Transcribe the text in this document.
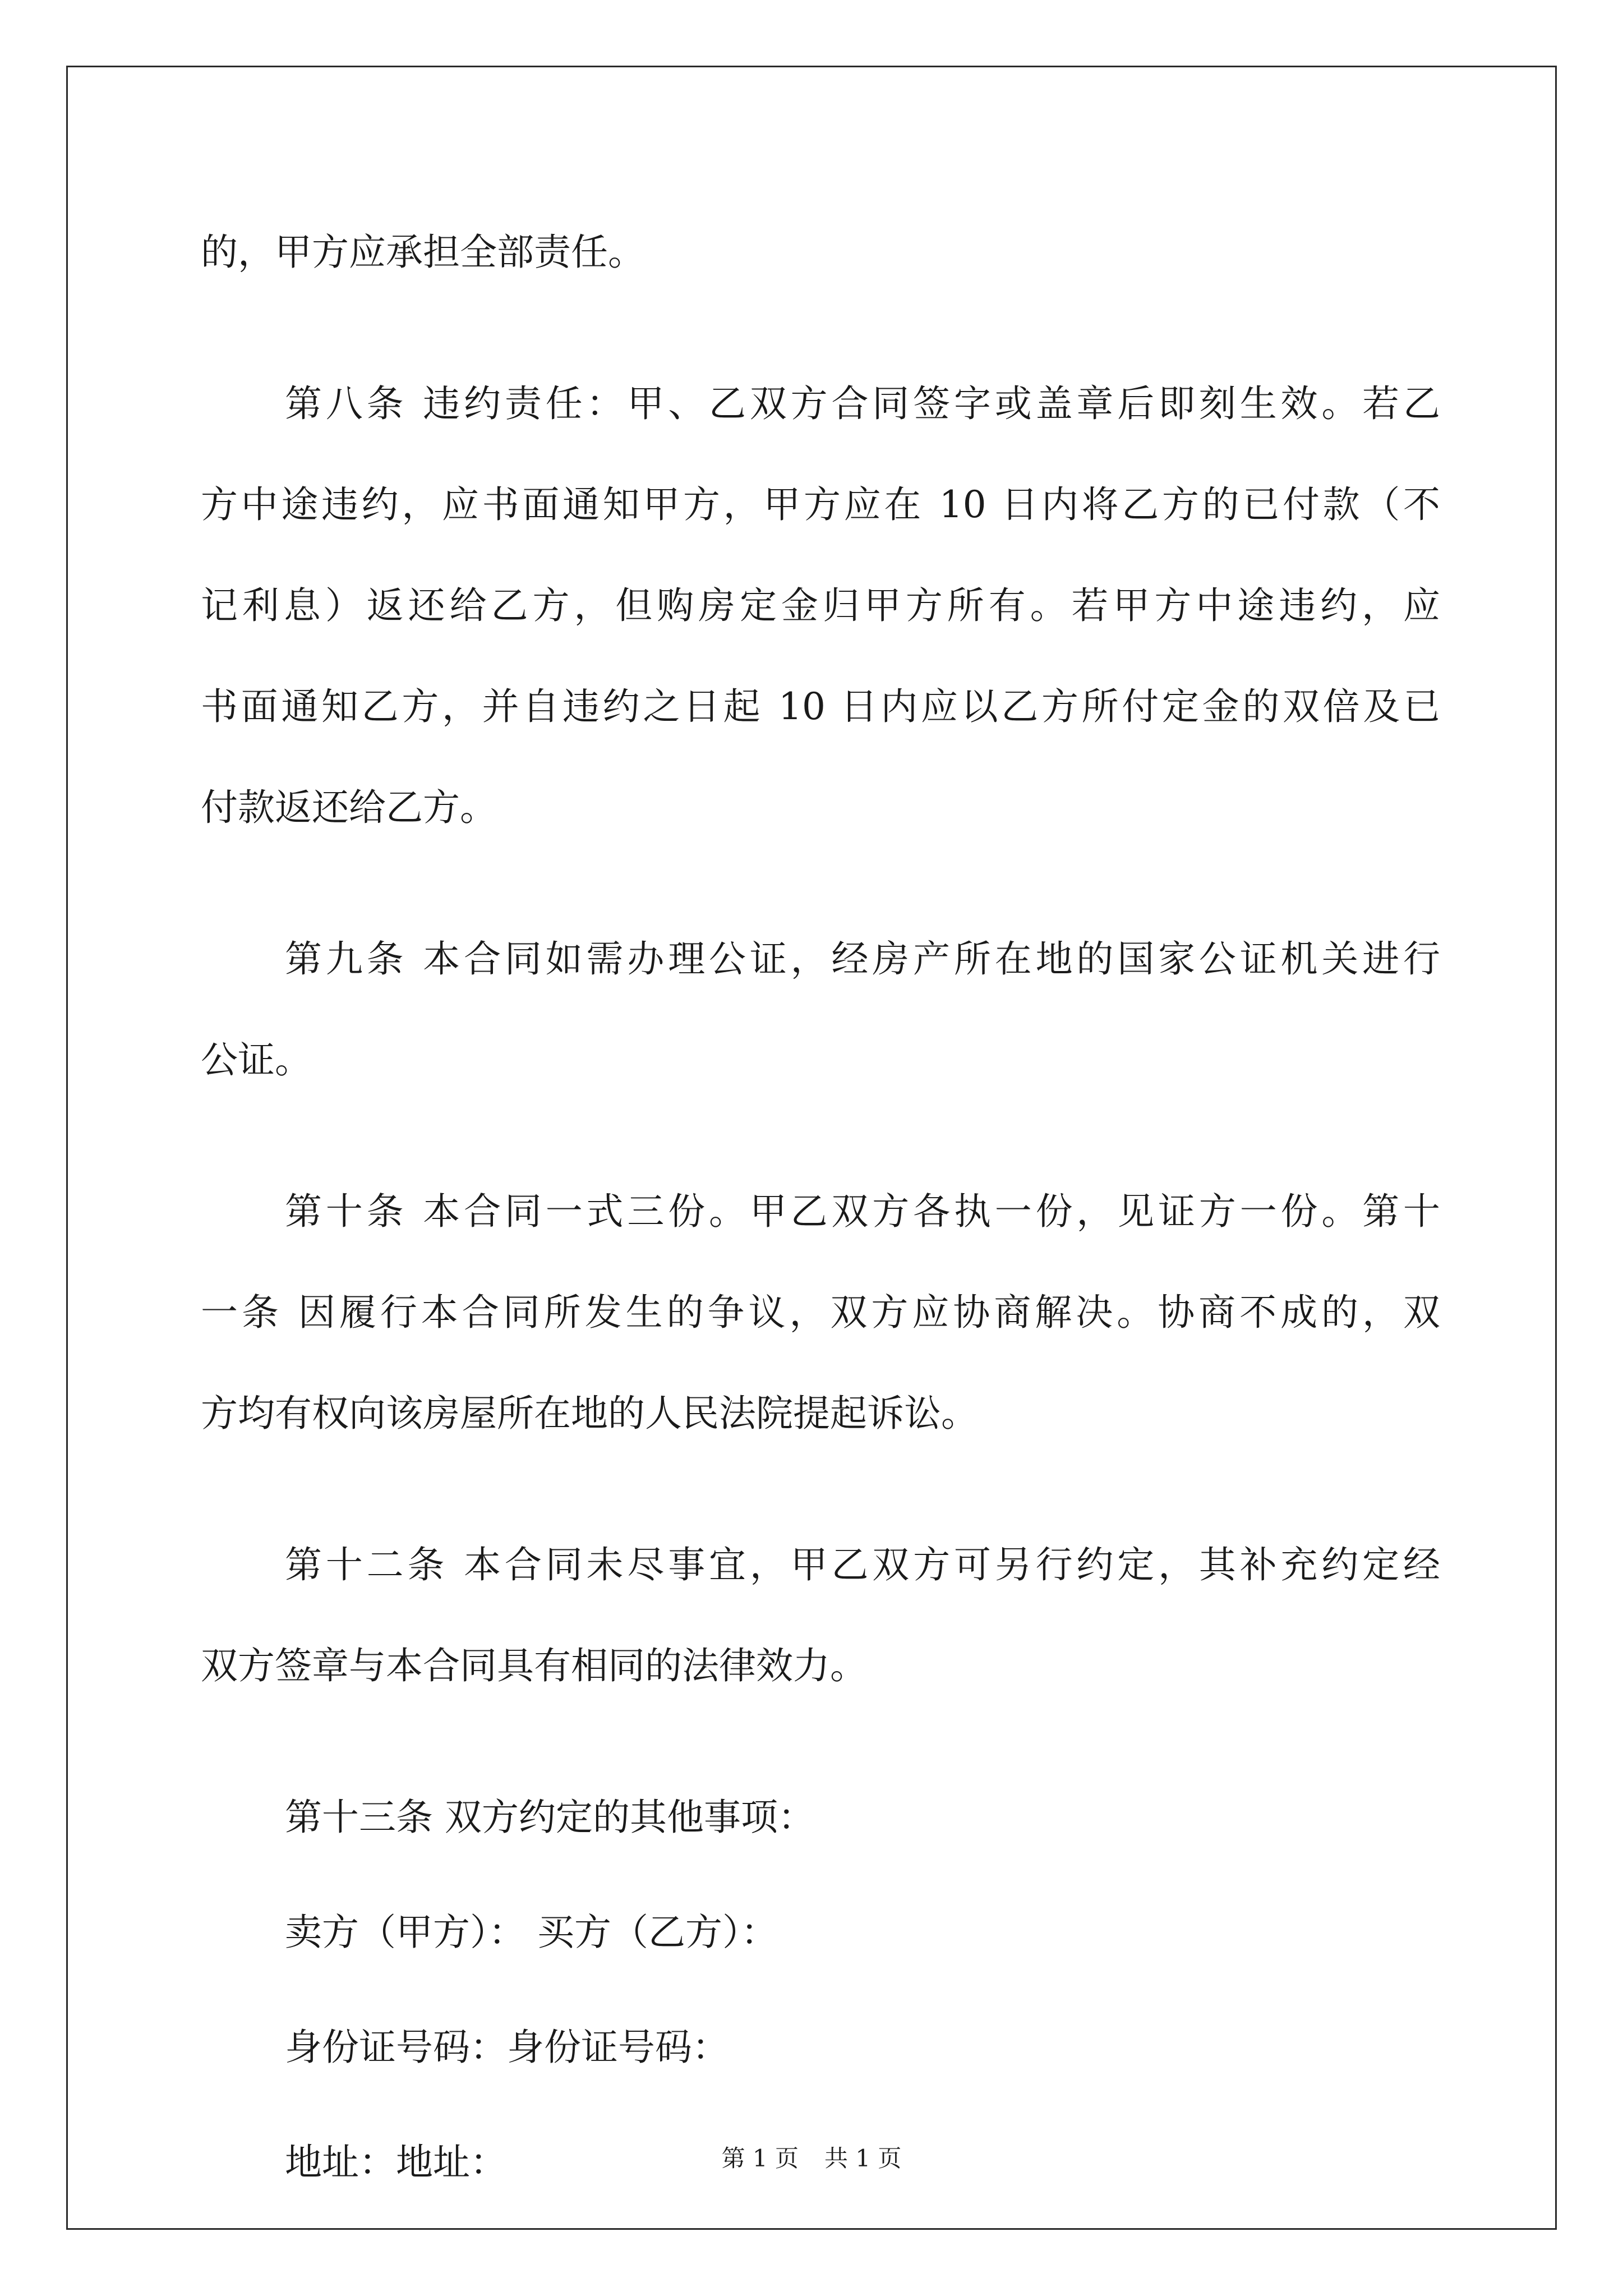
的，甲方应承担全部责任。
第八条 违约责任：甲、乙双方合同签字或盖章后即刻生效。若乙
方中途违约，应书面通知甲方，甲方应在 10 日内将乙方的已付款（不
记利息）返还给乙方，但购房定金归甲方所有。若甲方中途违约，应
书面通知乙方，并自违约之日起 10 日内应以乙方所付定金的双倍及已
付款返还给乙方。
第九条 本合同如需办理公证，经房产所在地的国家公证机关进行
公证。
第十条 本合同一式三份。甲乙双方各执一份，见证方一份。第十
一条 因履行本合同所发生的争议，双方应协商解决。协商不成的，双
方均有权向该房屋所在地的人民法院提起诉讼。
第十二条 本合同未尽事宜，甲乙双方可另行约定，其补充约定经
双方签章与本合同具有相同的法律效力。
第十三条 双方约定的其他事项：
卖方（甲方）： 买方（乙方）：
身份证号码：身份证号码：
地址：地址：	第 1 页 共 1 页
